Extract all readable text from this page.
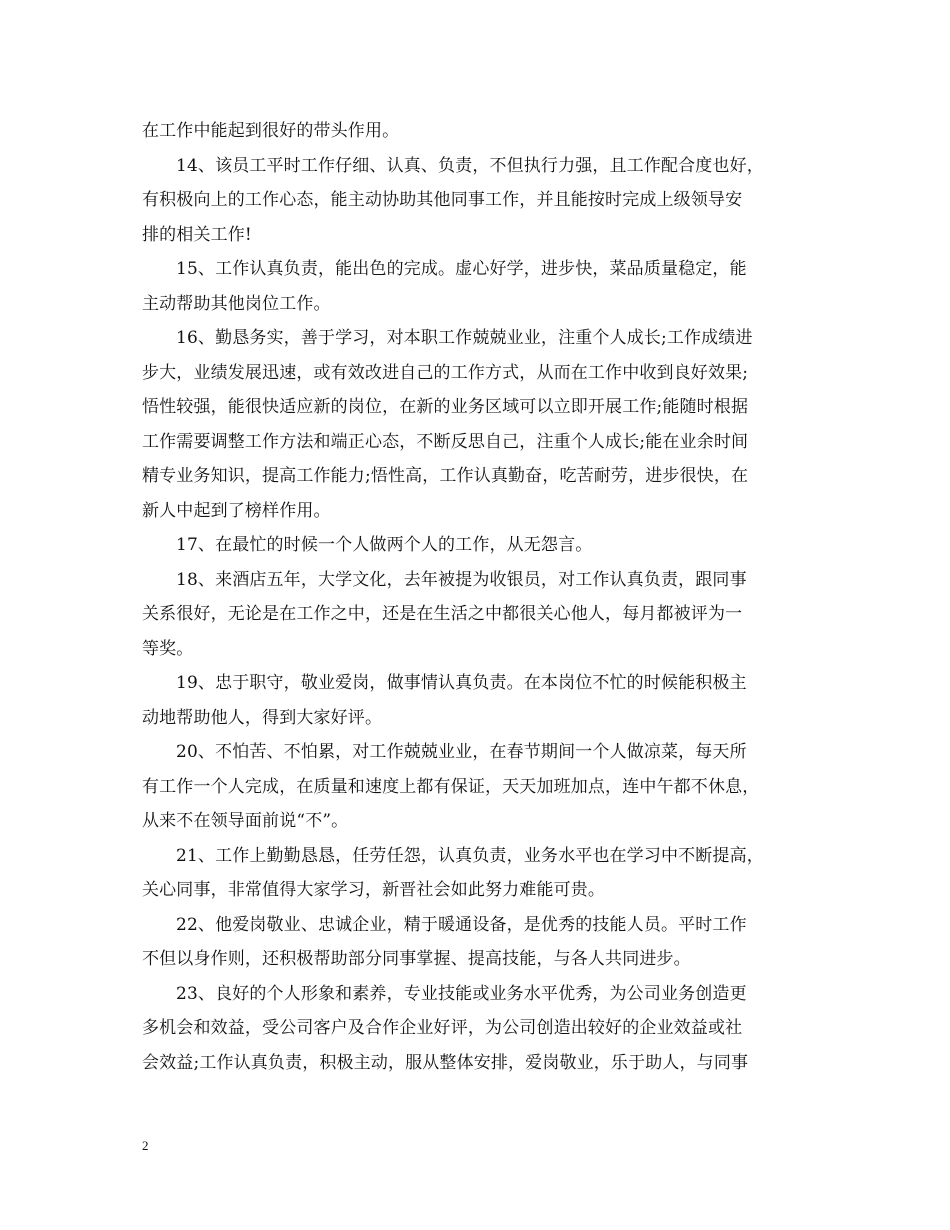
在工作中能起到很好的带头作用。
14、该员工平时工作仔细、认真、负责，不但执行力强，且工作配合度也好，
有积极向上的工作心态，能主动协助其他同事工作，并且能按时完成上级领导安
排的相关工作!
15、工作认真负责，能出色的完成。虚心好学，进步快，菜品质量稳定，能
主动帮助其他岗位工作。
16、勤恳务实，善于学习，对本职工作兢兢业业，注重个人成长;工作成绩进
步大，业绩发展迅速，或有效改进自己的工作方式，从而在工作中收到良好效果;
悟性较强，能很快适应新的岗位，在新的业务区域可以立即开展工作;能随时根据
工作需要调整工作方法和端正心态，不断反思自己，注重个人成长;能在业余时间
精专业务知识，提高工作能力;悟性高，工作认真勤奋，吃苦耐劳，进步很快，在
新人中起到了榜样作用。
17、在最忙的时候一个人做两个人的工作，从无怨言。
18、来酒店五年，大学文化，去年被提为收银员，对工作认真负责，跟同事
关系很好，无论是在工作之中，还是在生活之中都很关心他人，每月都被评为一
等奖。
19、忠于职守，敬业爱岗，做事情认真负责。在本岗位不忙的时候能积极主
动地帮助他人，得到大家好评。
20、不怕苦、不怕累，对工作兢兢业业，在春节期间一个人做凉菜，每天所
有工作一个人完成，在质量和速度上都有保证，天天加班加点，连中午都不休息，
从来不在领导面前说“不”。
21、工作上勤勤恳恳，任劳任怨，认真负责，业务水平也在学习中不断提高，
关心同事，非常值得大家学习，新晋社会如此努力难能可贵。
22、他爱岗敬业、忠诚企业，精于暖通设备，是优秀的技能人员。平时工作
不但以身作则，还积极帮助部分同事掌握、提高技能，与各人共同进步。
23、良好的个人形象和素养，专业技能或业务水平优秀，为公司业务创造更
多机会和效益，受公司客户及合作企业好评，为公司创造出较好的企业效益或社
会效益;工作认真负责，积极主动，服从整体安排，爱岗敬业，乐于助人，与同事
2
